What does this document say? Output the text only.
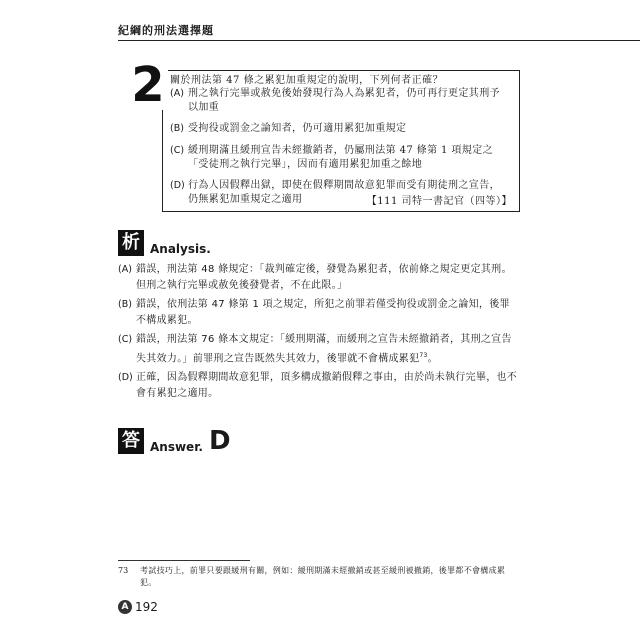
紀綱的刑法選擇題
2 關於刑法第 47 條之累犯加重規定的說明，下列何者正確？
(A) 刑之執行完畢或赦免後始發現行為人為累犯者，仍可再行更定其刑予以加重
(B) 受拘役或罰金之論知者，仍可適用累犯加重規定
(C) 緩刑期滿且緩刑宣告未經撤銷者，仍屬刑法第 47 條第 1 項規定之「受徒刑之執行完畢」，因而有適用累犯加重之餘地
(D) 行為人因假釋出獄，即使在假釋期間故意犯罪而受有期徒刑之宣告，仍無累犯加重規定之適用	【111 司特一書記官（四等）】
析 Analysis.
(A) 錯誤，刑法第 48 條規定：「裁判確定後，發覺為累犯者，依前條之規定更定其刑。但刑之執行完畢或赦免後發覺者，不在此限。」
(B) 錯誤，依刑法第 47 條第 1 項之規定，所犯之前罪若僅受拘役或罰金之論知，後罪不構成累犯。
(C) 錯誤，刑法第 76 條本文規定：「緩刑期滿，而緩刑之宣告未經撤銷者，其刑之宣告失其效力。」前罪刑之宣告既然失其效力，後罪就不會構成累犯$^{73}$。
(D) 正確，因為假釋期間故意犯罪，頂多構成撤銷假釋之事由，由於尚未執行完畢，也不會有累犯之適用。
答 Answer. D
73	考試技巧上，前罪只要跟緩刑有關，例如：緩刑期滿未經撤銷或甚至緩刑被撤銷，後罪都不會構成累犯。
A 192
